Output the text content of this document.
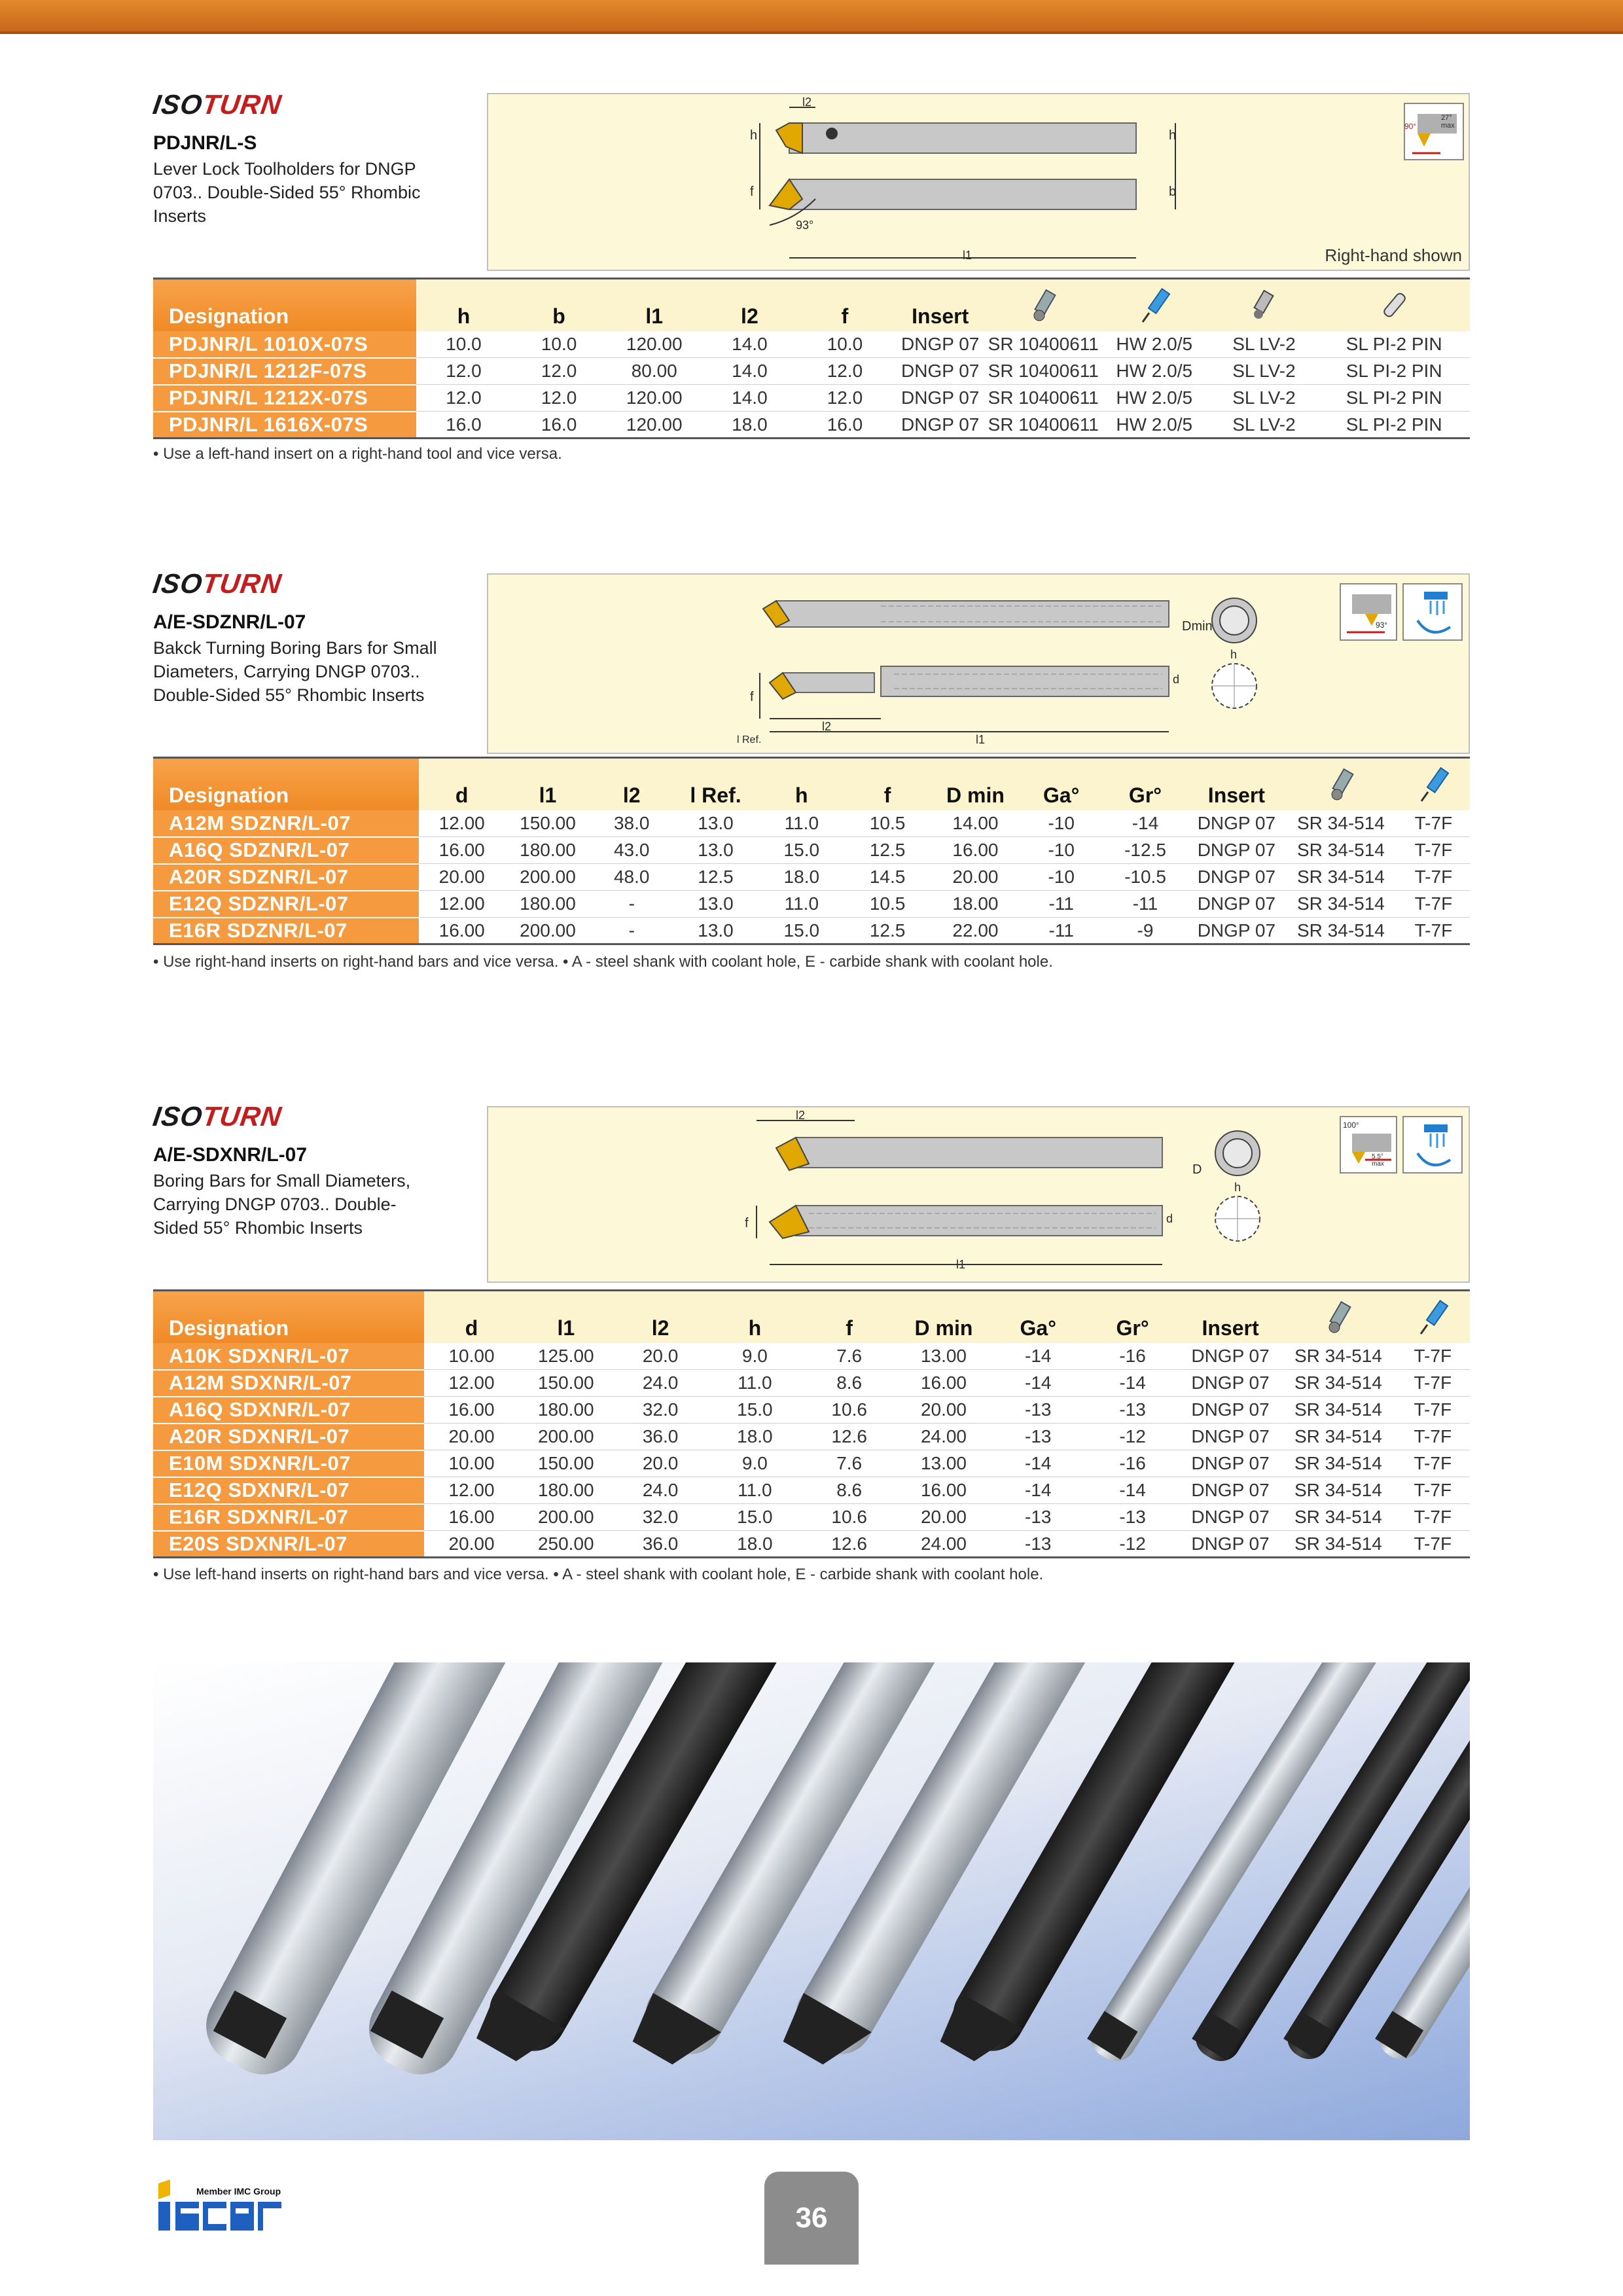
ISOTURN
PDJNR/L-S
Lever Lock Toolholders for DNGP 0703.. Double-Sided 55° Rhombic Inserts
l2
h	h
f	b
93°
l1
90°
27° max
Right-hand shown
Designation	h	b	l1	l2	f	Insert				
PDJNR/L 1010X-07S	10.0	10.0	120.00	14.0	10.0	DNGP 07	SR 10400611	HW 2.0/5	SL LV-2	SL PI-2 PIN
PDJNR/L 1212F-07S	12.0	12.0	80.00	14.0	12.0	DNGP 07	SR 10400611	HW 2.0/5	SL LV-2	SL PI-2 PIN
PDJNR/L 1212X-07S	12.0	12.0	120.00	14.0	12.0	DNGP 07	SR 10400611	HW 2.0/5	SL LV-2	SL PI-2 PIN
PDJNR/L 1616X-07S	16.0	16.0	120.00	18.0	16.0	DNGP 07	SR 10400611	HW 2.0/5	SL LV-2	SL PI-2 PIN
• Use a left-hand insert on a right-hand tool and vice versa.
ISOTURN
A/E-SDZNR/L-07
Bakck Turning Boring Bars for Small Diameters, Carrying DNGP 0703.. Double-Sided 55° Rhombic Inserts
Dmin
h
d
f
l2
l1
l Ref.
93°
Designation	d	l1	l2	l Ref.	h	f	D min	Ga°	Gr°	Insert		
A12M SDZNR/L-07	12.00	150.00	38.0	13.0	11.0	10.5	14.00	-10	-14	DNGP 07	SR 34-514	T-7F
A16Q SDZNR/L-07	16.00	180.00	43.0	13.0	15.0	12.5	16.00	-10	-12.5	DNGP 07	SR 34-514	T-7F
A20R SDZNR/L-07	20.00	200.00	48.0	12.5	18.0	14.5	20.00	-10	-10.5	DNGP 07	SR 34-514	T-7F
E12Q SDZNR/L-07	12.00	180.00	-	13.0	11.0	10.5	18.00	-11	-11	DNGP 07	SR 34-514	T-7F
E16R SDZNR/L-07	16.00	200.00	-	13.0	15.0	12.5	22.00	-11	-9	DNGP 07	SR 34-514	T-7F
• Use right-hand inserts on right-hand bars and vice versa. • A - steel shank with coolant hole, E - carbide shank with coolant hole.
ISOTURN
A/E-SDXNR/L-07
Boring Bars for Small Diameters, Carrying DNGP 0703.. Double-Sided 55° Rhombic Inserts
l2
D
h
d
f
l1
100°
5.5° max
Designation	d	l1	l2	h	f	D min	Ga°	Gr°	Insert		
A10K SDXNR/L-07	10.00	125.00	20.0	9.0	7.6	13.00	-14	-16	DNGP 07	SR 34-514	T-7F
A12M SDXNR/L-07	12.00	150.00	24.0	11.0	8.6	16.00	-14	-14	DNGP 07	SR 34-514	T-7F
A16Q SDXNR/L-07	16.00	180.00	32.0	15.0	10.6	20.00	-13	-13	DNGP 07	SR 34-514	T-7F
A20R SDXNR/L-07	20.00	200.00	36.0	18.0	12.6	24.00	-13	-12	DNGP 07	SR 34-514	T-7F
E10M SDXNR/L-07	10.00	150.00	20.0	9.0	7.6	13.00	-14	-16	DNGP 07	SR 34-514	T-7F
E12Q SDXNR/L-07	12.00	180.00	24.0	11.0	8.6	16.00	-14	-14	DNGP 07	SR 34-514	T-7F
E16R SDXNR/L-07	16.00	200.00	32.0	15.0	10.6	20.00	-13	-13	DNGP 07	SR 34-514	T-7F
E20S SDXNR/L-07	20.00	250.00	36.0	18.0	12.6	24.00	-13	-12	DNGP 07	SR 34-514	T-7F
• Use left-hand inserts on right-hand bars and vice versa. • A - steel shank with coolant hole, E - carbide shank with coolant hole.
Member IMC Group
36
